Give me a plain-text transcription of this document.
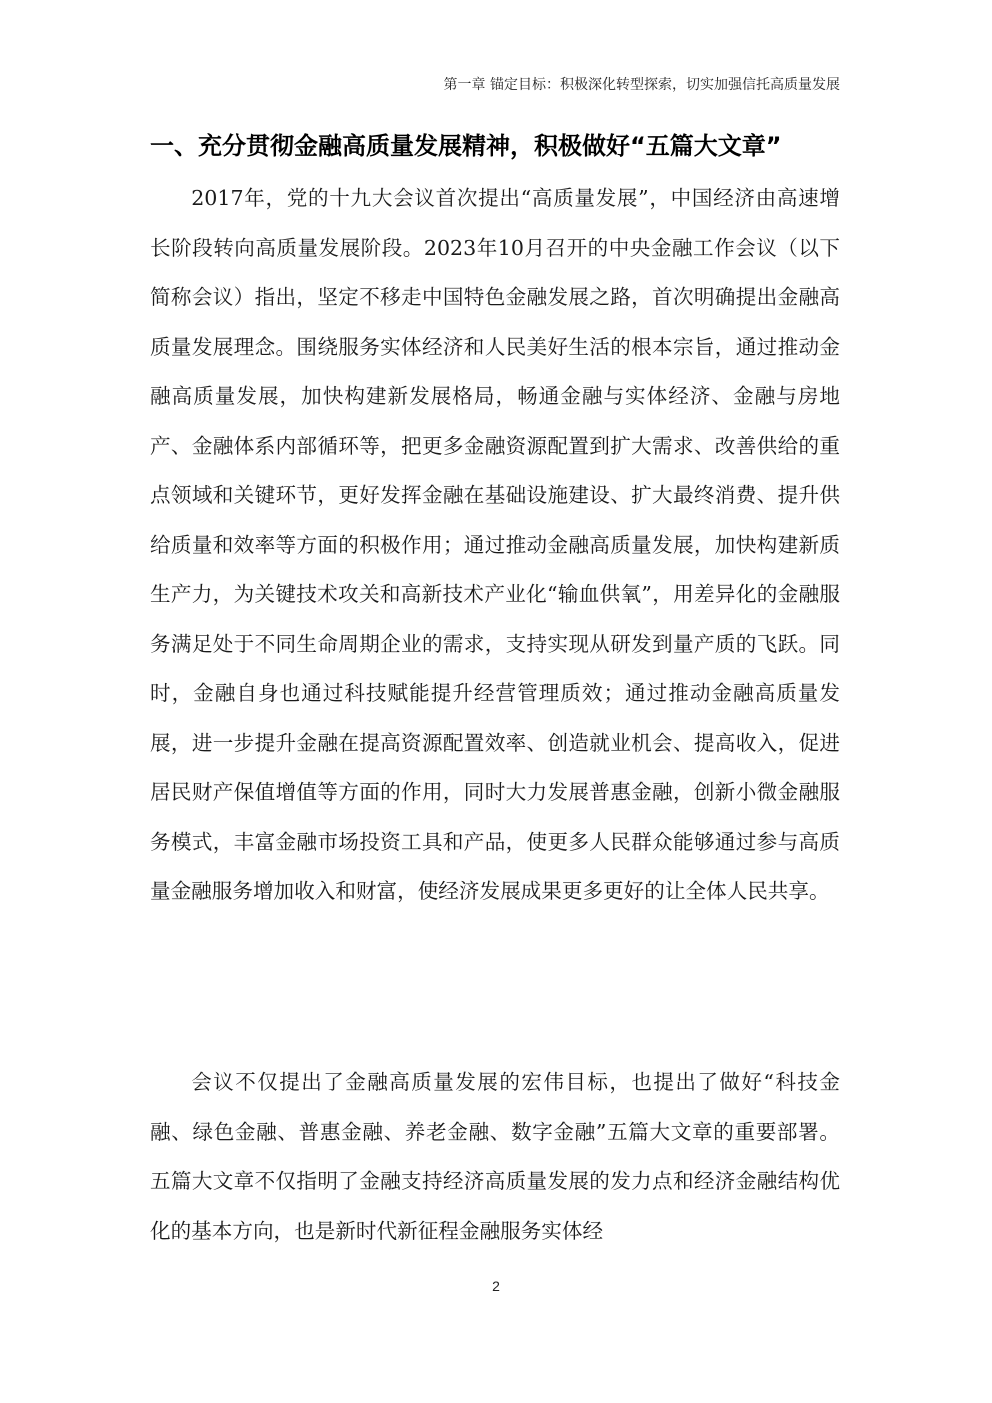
第一章 锚定目标：积极深化转型探索，切实加强信托高质量发展
一、充分贯彻金融高质量发展精神，积极做好“五篇大文章”

2017年，党的十九大会议首次提出“高质量发展”，中国经济由高速增长阶段转向高质量发展阶段。2023年10月召开的中央金融工作会议（以下简称会议）指出，坚定不移走中国特色金融发展之路，首次明确提出金融高质量发展理念。围绕服务实体经济和人民美好生活的根本宗旨，通过推动金融高质量发展，加快构建新发展格局，畅通金融与实体经济、金融与房地产、金融体系内部循环等，把更多金融资源配置到扩大需求、改善供给的重点领域和关键环节，更好发挥金融在基础设施建设、扩大最终消费、提升供给质量和效率等方面的积极作用；通过推动金融高质量发展，加快构建新质生产力，为关键技术攻关和高新技术产业化“输血供氧”，用差异化的金融服务满足处于不同生命周期企业的需求，支持实现从研发到量产质的飞跃。同时，金融自身也通过科技赋能提升经营管理质效；通过推动金融高质量发展，进一步提升金融在提高资源配置效率、创造就业机会、提高收入，促进居民财产保值增值等方面的作用，同时大力发展普惠金融，创新小微金融服务模式，丰富金融市场投资工具和产品，使更多人民群众能够通过参与高质量金融服务增加收入和财富，使经济发展成果更多更好的让全体人民共享。

会议不仅提出了金融高质量发展的宏伟目标，也提出了做好“科技金融、绿色金融、普惠金融、养老金融、数字金融”五篇大文章的重要部署。五篇大文章不仅指明了金融支持经济高质量发展的发力点和经济金融结构优化的基本方向，也是新时代新征程金融服务实体经

2
